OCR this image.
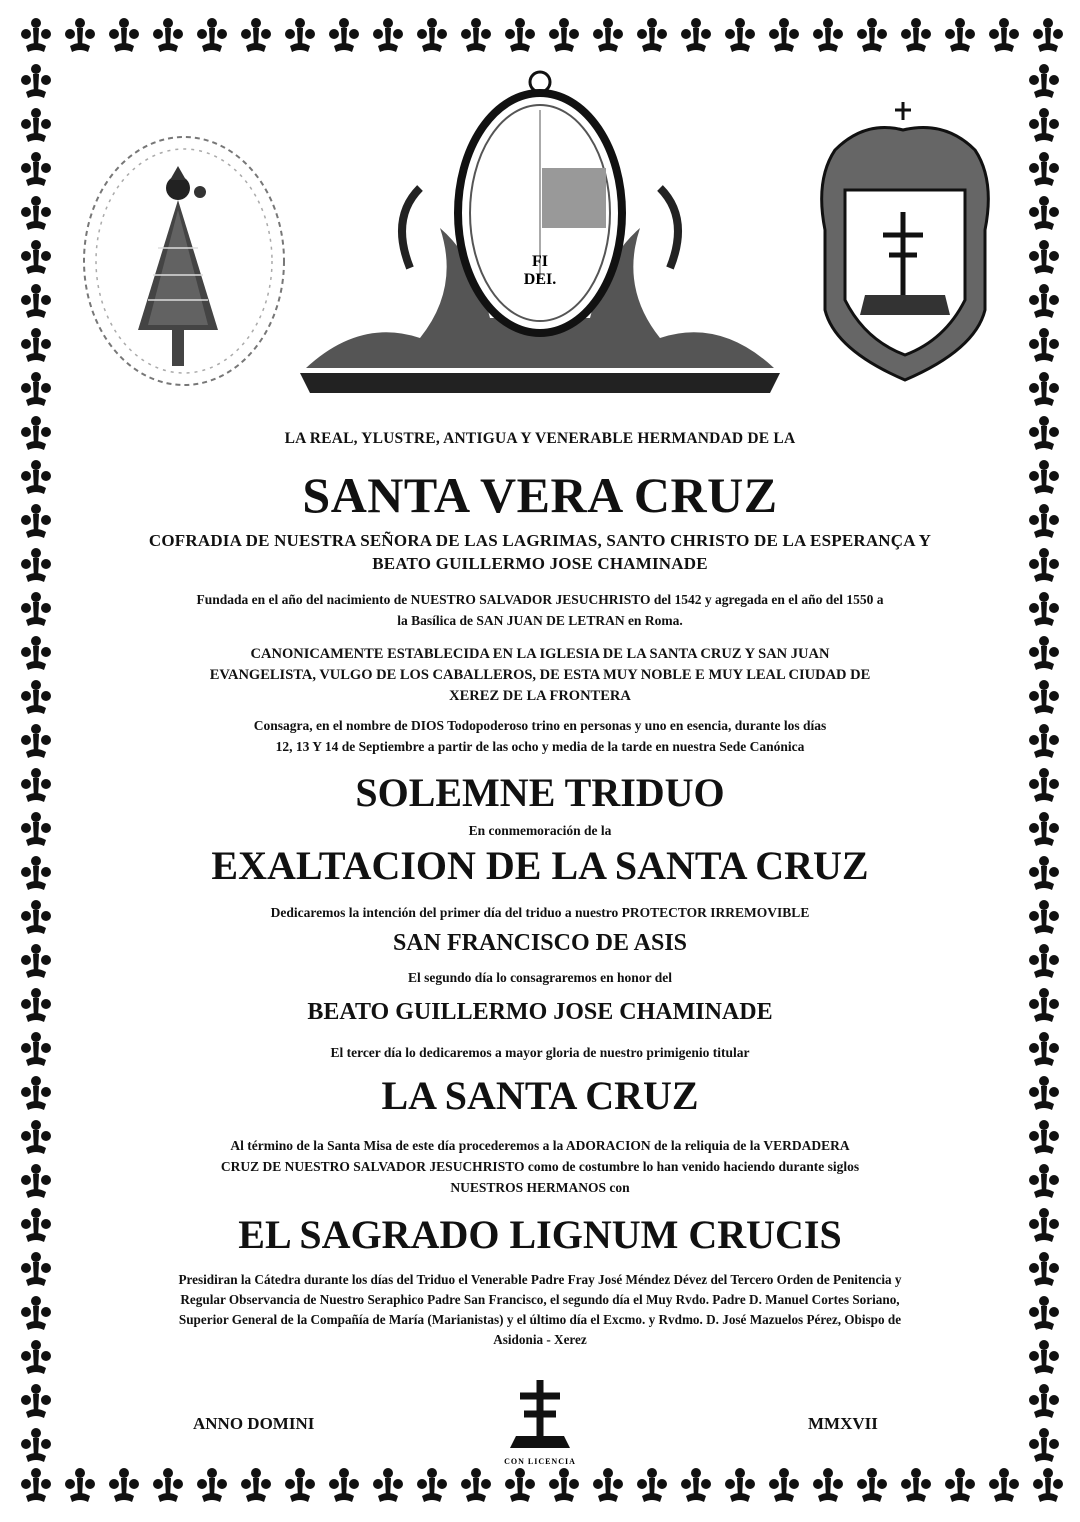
FI
DEI.
LA REAL, YLUSTRE, ANTIGUA Y VENERABLE HERMANDAD DE LA
SANTA VERA CRUZ
COFRADIA DE NUESTRA SEÑORA DE LAS LAGRIMAS, SANTO CHRISTO DE LA ESPERANÇA Y
BEATO GUILLERMO JOSE CHAMINADE
Fundada en el año del nacimiento de NUESTRO SALVADOR JESUCHRISTO del 1542 y agregada en el año del 1550 a
la Basílica de SAN JUAN DE LETRAN en Roma.
CANONICAMENTE ESTABLECIDA EN LA IGLESIA DE LA SANTA CRUZ Y SAN JUAN
EVANGELISTA, VULGO DE LOS CABALLEROS, DE ESTA MUY NOBLE E MUY LEAL CIUDAD DE
XEREZ DE LA FRONTERA
Consagra, en el nombre de DIOS Todopoderoso trino en personas y uno en esencia, durante los días
12, 13 Y 14 de Septiembre a partir de las ocho y media de la tarde en nuestra Sede Canónica
SOLEMNE TRIDUO
En conmemoración de la
EXALTACION DE LA SANTA CRUZ
Dedicaremos la intención del primer día del triduo a nuestro PROTECTOR IRREMOVIBLE
SAN FRANCISCO DE ASIS
El segundo día lo consagraremos en honor del
BEATO GUILLERMO JOSE CHAMINADE
El tercer día lo dedicaremos a mayor gloria de nuestro primigenio titular
LA SANTA CRUZ
Al término de la Santa Misa de este día procederemos a la ADORACION de la reliquia de la VERDADERA
CRUZ DE NUESTRO SALVADOR JESUCHRISTO como de costumbre lo han venido haciendo durante siglos
NUESTROS HERMANOS con
EL SAGRADO LIGNUM CRUCIS
Presidiran la Cátedra durante los días del Triduo el Venerable Padre Fray José Méndez Dévez del Tercero Orden de Penitencia y
Regular Observancia de Nuestro Seraphico Padre San Francisco, el segundo día el Muy Rvdo. Padre D. Manuel Cortes Soriano,
Superior General de la Compañía de María (Marianistas) y el último día el Excmo. y Rvdmo. D. José Mazuelos Pérez, Obispo de
Asidonia - Xerez
ANNO DOMINI	MMXVII
CON LICENCIA
